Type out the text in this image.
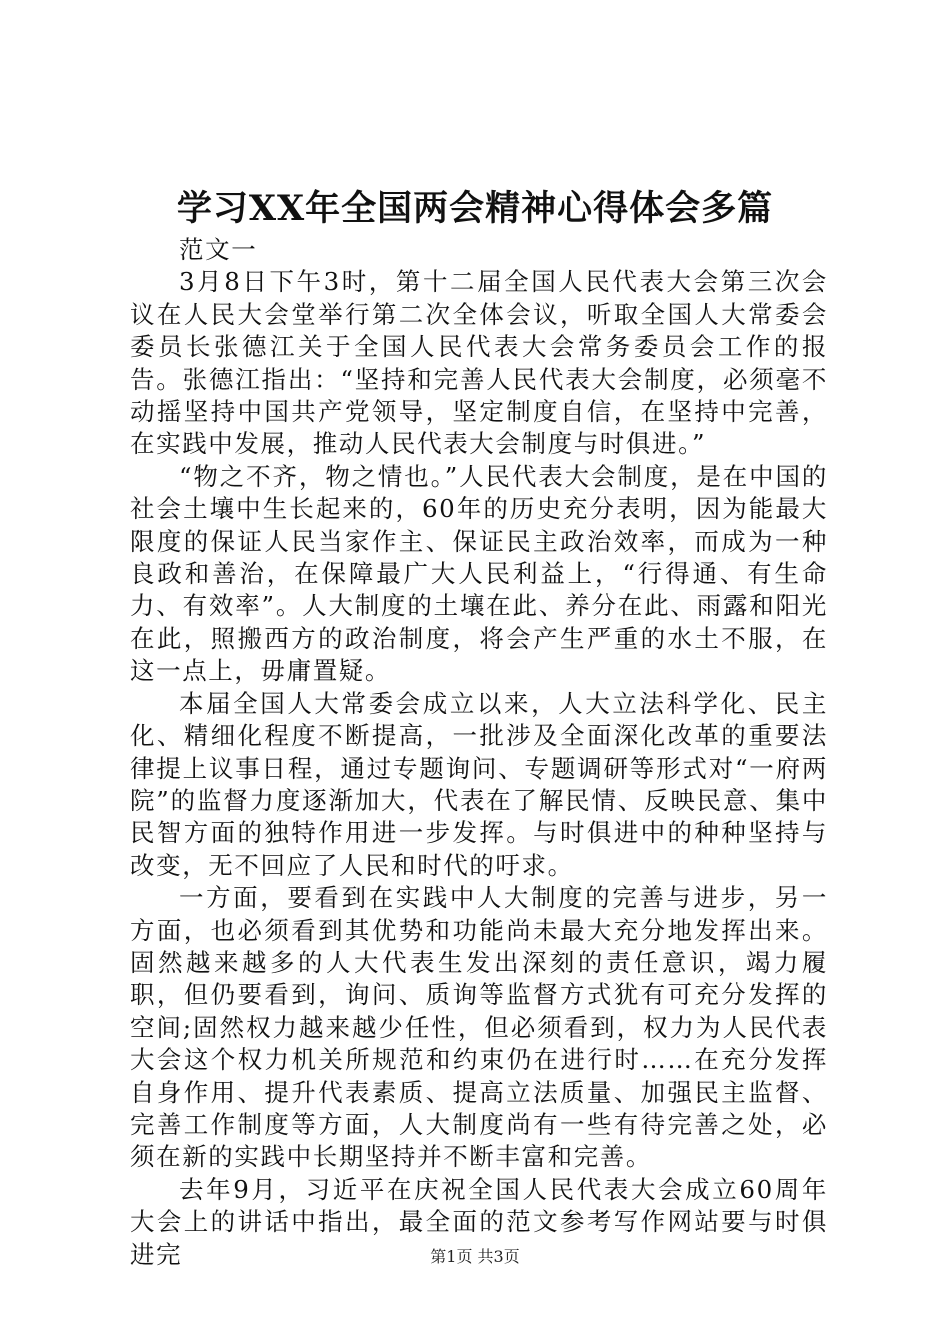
学习XX年全国两会精神心得体会多篇

范文一

3月8日下午3时，第十二届全国人民代表大会第三次会议在人民大会堂举行第二次全体会议，听取全国人大常委会委员长张德江关于全国人民代表大会常务委员会工作的报告。张德江指出：“坚持和完善人民代表大会制度，必须毫不动摇坚持中国共产党领导，坚定制度自信，在坚持中完善，在实践中发展，推动人民代表大会制度与时俱进。”

“物之不齐，物之情也。”人民代表大会制度，是在中国的社会土壤中生长起来的，60年的历史充分表明，因为能最大限度的保证人民当家作主、保证民主政治效率，而成为一种良政和善治，在保障最广大人民利益上，“行得通、有生命力、有效率”。人大制度的土壤在此、养分在此、雨露和阳光在此，照搬西方的政治制度，将会产生严重的水土不服，在这一点上，毋庸置疑。

本届全国人大常委会成立以来，人大立法科学化、民主化、精细化程度不断提高，一批涉及全面深化改革的重要法律提上议事日程，通过专题询问、专题调研等形式对“一府两院”的监督力度逐渐加大，代表在了解民情、反映民意、集中民智方面的独特作用进一步发挥。与时俱进中的种种坚持与改变，无不回应了人民和时代的吁求。

一方面，要看到在实践中人大制度的完善与进步，另一方面，也必须看到其优势和功能尚未最大充分地发挥出来。固然越来越多的人大代表生发出深刻的责任意识，竭力履职，但仍要看到，询问、质询等监督方式犹有可充分发挥的空间;固然权力越来越少任性，但必须看到，权力为人民代表大会这个权力机关所规范和约束仍在进行时……在充分发挥自身作用、提升代表素质、提高立法质量、加强民主监督、完善工作制度等方面，人大制度尚有一些有待完善之处，必须在新的实践中长期坚持并不断丰富和完善。

去年9月，习近平在庆祝全国人民代表大会成立60周年大会上的讲话中指出，最全面的范文参考写作网站要与时俱进完	第1页 共3页
